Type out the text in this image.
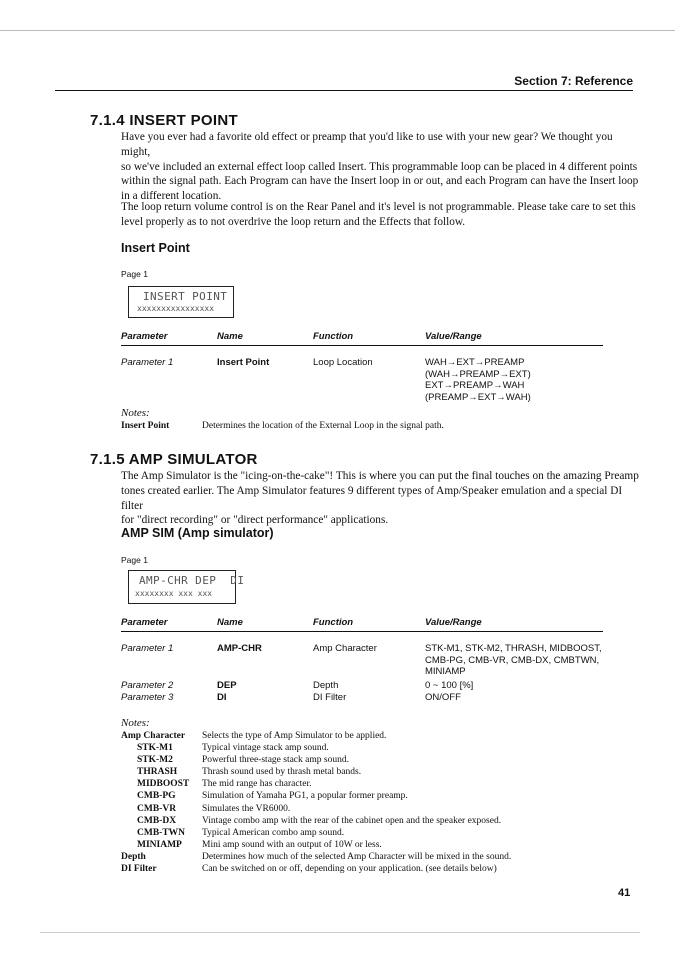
Section 7: Reference
7.1.4 INSERT POINT
Have you ever had a favorite old effect or preamp that you'd like to use with your new gear? We thought you might,
so we've included an external effect loop called Insert. This programmable loop can be placed in 4 different points
within the signal path. Each Program can have the Insert loop in or out, and each Program can have the Insert loop
in a different location.
The loop return volume control is on the Rear Panel and it's level is not programmable. Please take care to set this
level properly as to not overdrive the loop return and the Effects that follow.
Insert Point
Page 1
INSERT POINT
xxxxxxxxxxxxxxxx
Parameter	Name	Function	Value/Range
Parameter 1	Insert Point	Loop Location	WAH→EXT→PREAMP
(WAH→PREAMP→EXT)
EXT→PREAMP→WAH
(PREAMP→EXT→WAH)
Notes:
Insert Point	Determines the location of the External Loop in the signal path.
7.1.5 AMP SIMULATOR
The Amp Simulator is the "icing-on-the-cake"! This is where you can put the final touches on the amazing Preamp
tones created earlier. The Amp Simulator features 9 different types of Amp/Speaker emulation and a special DI filter
for "direct recording" or "direct performance" applications.
AMP SIM (Amp simulator)
Page 1
AMP-CHR DEP  DI
xxxxxxxx xxx xxx
Parameter	Name	Function	Value/Range
Parameter 1	AMP-CHR	Amp Character	STK-M1, STK-M2, THRASH, MIDBOOST,
CMB-PG, CMB-VR, CMB-DX, CMBTWN,
MINIAMP
Parameter 2	DEP	Depth	0 ~ 100 [%]
Parameter 3	DI	DI Filter	ON/OFF
Notes:
Amp Character	Selects the type of Amp Simulator to be applied.
STK-M1	Typical vintage stack amp sound.
STK-M2	Powerful three-stage stack amp sound.
THRASH	Thrash sound used by thrash metal bands.
MIDBOOST	The mid range has character.
CMB-PG	Simulation of Yamaha PG1, a popular former preamp.
CMB-VR	Simulates the VR6000.
CMB-DX	Vintage combo amp with the rear of the cabinet open and the speaker exposed.
CMB-TWN	Typical American combo amp sound.
MINIAMP	Mini amp sound with an output of 10W or less.
Depth	Determines how much of the selected Amp Character will be mixed in the sound.
DI Filter	Can be switched on or off, depending on your application. (see details below)
41
